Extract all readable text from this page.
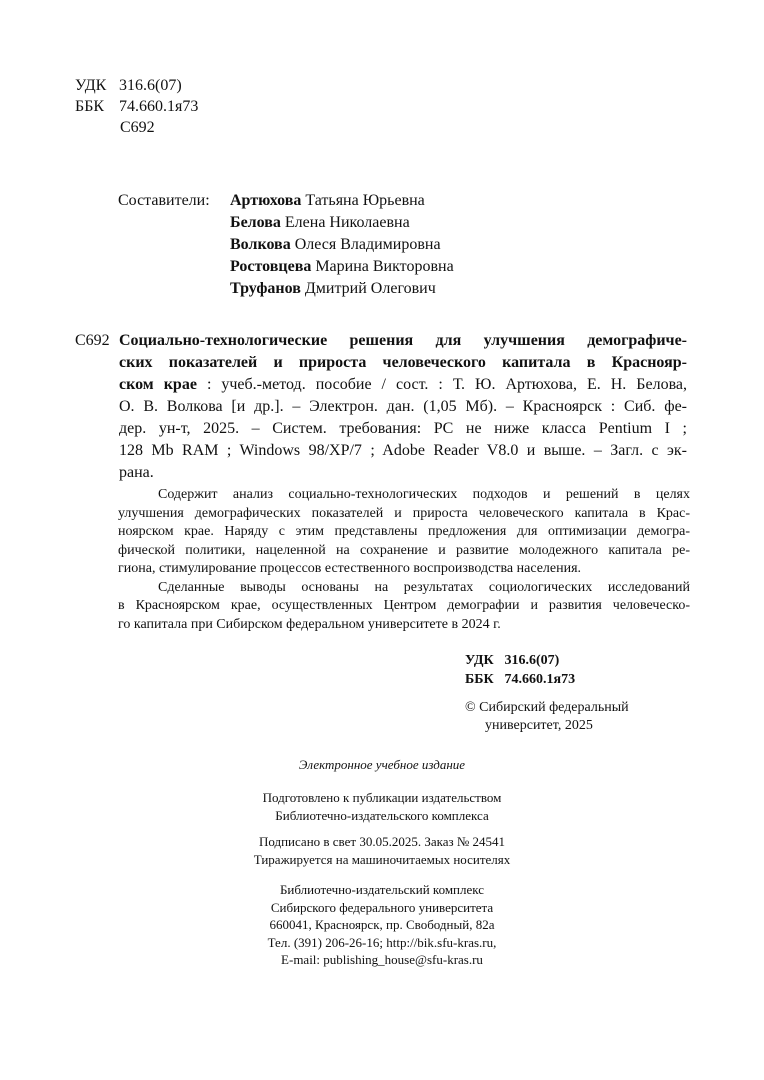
УДК 316.6(07)
ББК 74.660.1я73
С692
Составители: Артюхова Татьяна Юрьевна
Белова Елена Николаевна
Волкова Олеся Владимировна
Ростовцева Марина Викторовна
Труфанов Дмитрий Олегович
С692 Социально-технологические решения для улучшения демографиче-
ских показателей и прироста человеческого капитала в Краснояр-
ском крае : учеб.-метод. пособие / сост. : Т. Ю. Артюхова, Е. Н. Белова,
О. В. Волкова [и др.]. – Электрон. дан. (1,05 Мб). – Красноярск : Сиб. фе-
дер. ун-т, 2025. – Систем. требования: PC не ниже класса Pentium I ;
128 Mb RAM ; Windows 98/XP/7 ; Adobe Reader V8.0 и выше. – Загл. с эк-
рана.
Содержит анализ социально-технологических подходов и решений в целях
улучшения демографических показателей и прироста человеческого капитала в Крас-
ноярском крае. Наряду с этим представлены предложения для оптимизации демогра-
фической политики, нацеленной на сохранение и развитие молодежного капитала ре-
гиона, стимулирование процессов естественного воспроизводства населения.
Сделанные выводы основаны на результатах социологических исследований
в Красноярском крае, осуществленных Центром демографии и развития человеческо-
го капитала при Сибирском федеральном университете в 2024 г.
УДК 316.6(07)
ББК 74.660.1я73
© Сибирский федеральный
университет, 2025
Электронное учебное издание
Подготовлено к публикации издательством
Библиотечно-издательского комплекса
Подписано в свет 30.05.2025. Заказ № 24541
Тиражируется на машиночитаемых носителях
Библиотечно-издательский комплекс
Сибирского федерального университета
660041, Красноярск, пр. Свободный, 82а
Тел. (391) 206-26-16; http://bik.sfu-kras.ru,
E-mail: publishing_house@sfu-kras.ru
